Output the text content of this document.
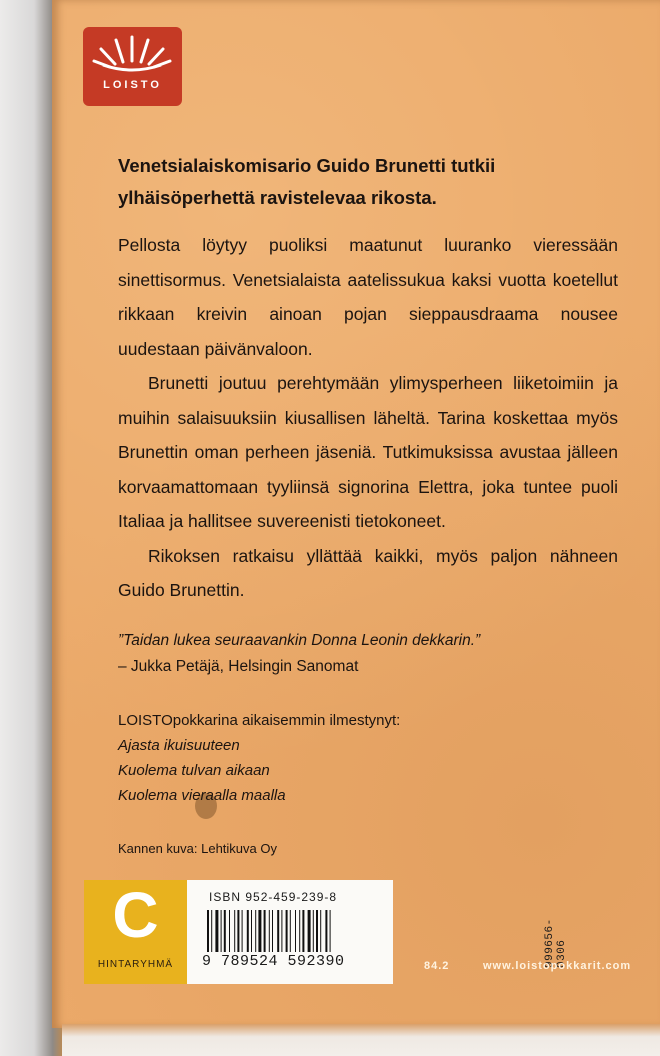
LOISTO
Venetsialaiskomisario Guido Brunetti tutkii ylhäisöperhettä ravistelevaa rikosta.

Pellosta löytyy puoliksi maatunut luuranko vieressään sinettisormus. Venetsialaista aatelissukua kaksi vuotta koetellut rikkaan kreivin ainoan pojan sieppausdraama nousee uudestaan päivänvaloon.

Brunetti joutuu perehtymään ylimysperheen liiketoimiin ja muihin salaisuuksiin kiusallisen läheltä. Tarina koskettaa myös Brunettin oman perheen jäseniä. Tutkimuksissa avustaa jälleen korvaamattomaan tyyliinsä signorina Elettra, joka tuntee puoli Italiaa ja hallitsee suvereenisti tietokoneet.

Rikoksen ratkaisu yllättää kaikki, myös paljon nähneen Guido Brunettin.

”Taidan lukea seuraavankin Donna Leonin dekkarin.”
– Jukka Petäjä, Helsingin Sanomat
LOISTOpokkarina aikaisemmin ilmestynyt:
Ajasta ikuisuuteen
Kuolema tulvan aikaan
Kuolema vieraalla maalla
Kannen kuva: Lehtikuva Oy
C
HINTARYHMÄ
ISBN 952-459-239-8
9 789524 592390	999656-0306
84.2	www.loistopokkarit.com
